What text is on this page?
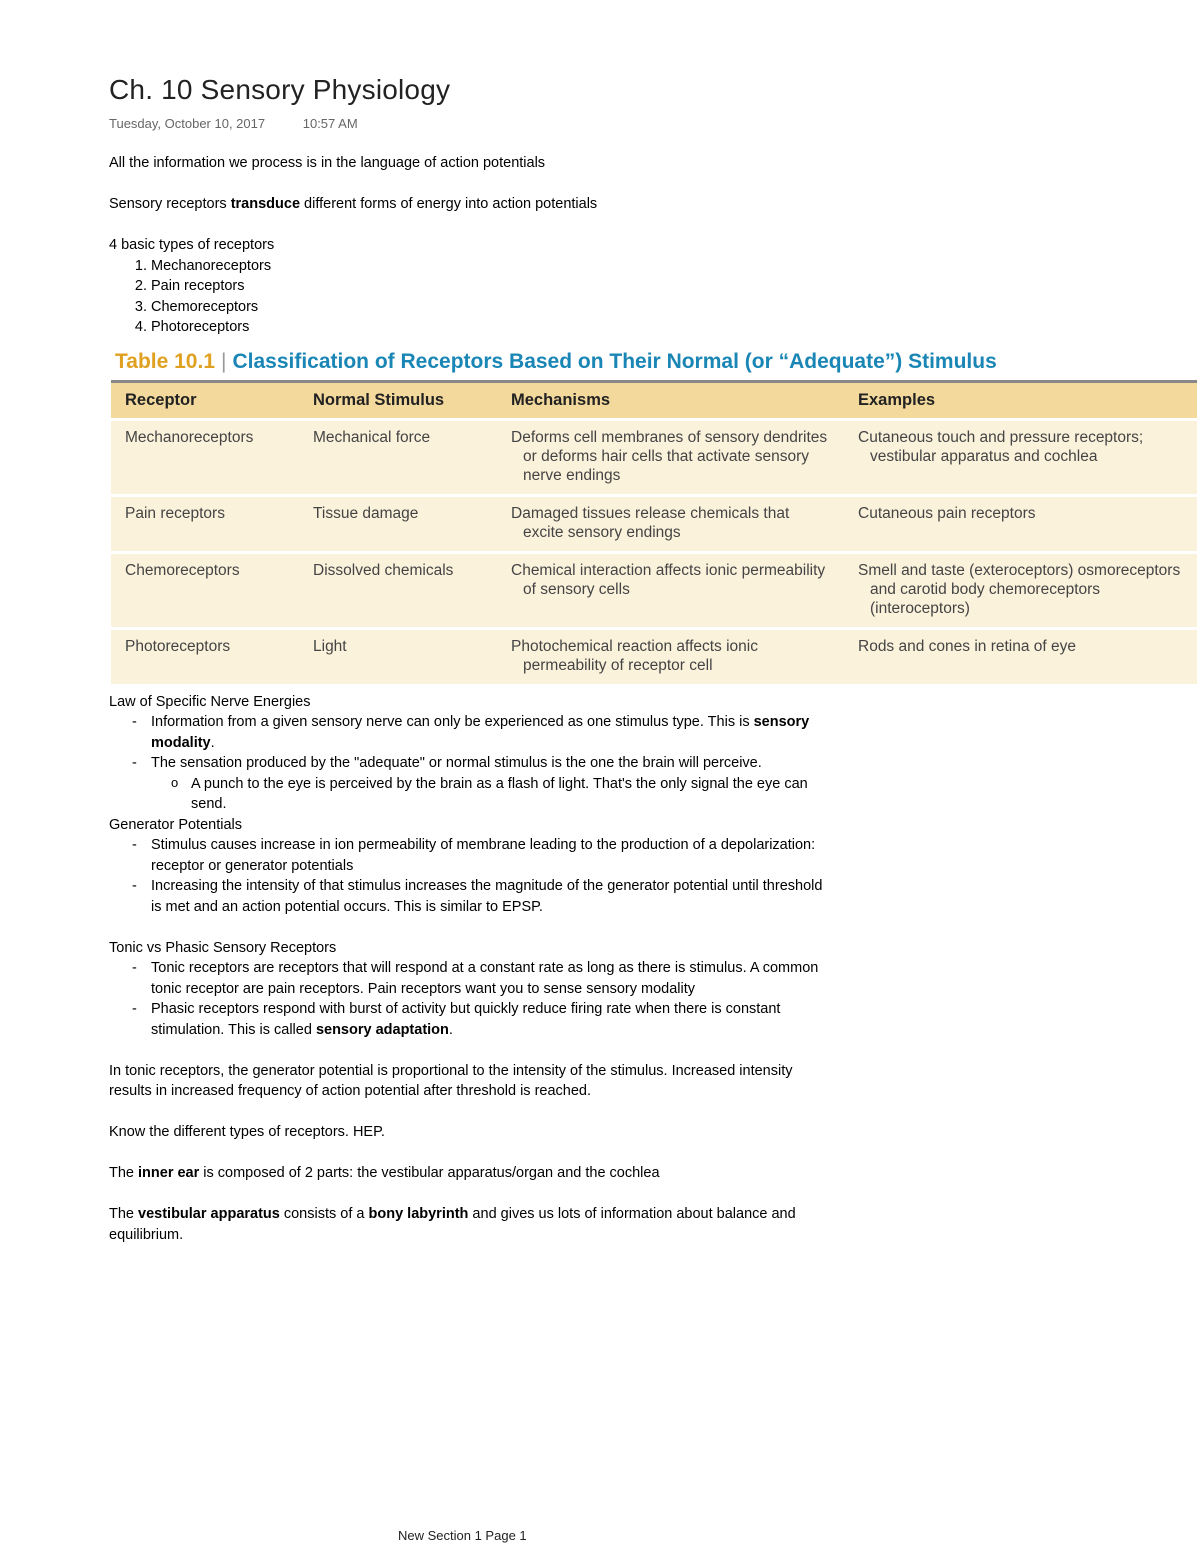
Ch. 10 Sensory Physiology
Tuesday, October 10, 2017	10:57 AM

All the information we process is in the language of action potentials

Sensory receptors transduce different forms of energy into action potentials

4 basic types of receptors

1. Mechanoreceptors
2. Pain receptors
3. Chemoreceptors
4. Photoreceptors
Table 10.1 | Classification of Receptors Based on Their Normal (or “Adequate”) Stimulus
Receptor	Normal Stimulus	Mechanisms	Examples
Mechanoreceptors	Mechanical force	Deforms cell membranes of sensory dendrites or deforms hair cells that activate sensory nerve endings	Cutaneous touch and pressure receptors; vestibular apparatus and cochlea

Pain receptors	Tissue damage	Damaged tissues release chemicals that excite sensory endings	Cutaneous pain receptors

Chemoreceptors	Dissolved chemicals	Chemical interaction affects ionic permeability of sensory cells	Smell and taste (exteroceptors) osmoreceptors and carotid body chemoreceptors (interoceptors)

Photoreceptors	Light	Photochemical reaction affects ionic permeability of receptor cell	Rods and cones in retina of eye

Law of Specific Nerve Energies

- Information from a given sensory nerve can only be experienced as one stimulus type. This is sensory modality.
- The sensation produced by the "adequate" or normal stimulus is the one the brain will perceive.
o A punch to the eye is perceived by the brain as a flash of light. That's the only signal the eye can send.

Generator Potentials

- Stimulus causes increase in ion permeability of membrane leading to the production of a depolarization: receptor or generator potentials
- Increasing the intensity of that stimulus increases the magnitude of the generator potential until threshold is met and an action potential occurs. This is similar to EPSP.

Tonic vs Phasic Sensory Receptors

- Tonic receptors are receptors that will respond at a constant rate as long as there is stimulus. A common tonic receptor are pain receptors. Pain receptors want you to sense sensory modality
- Phasic receptors respond with burst of activity but quickly reduce firing rate when there is constant stimulation. This is called sensory adaptation.

In tonic receptors, the generator potential is proportional to the intensity of the stimulus. Increased intensity results in increased frequency of action potential after threshold is reached.

Know the different types of receptors. HEP.

The inner ear is composed of 2 parts: the vestibular apparatus/organ and the cochlea

The vestibular apparatus consists of a bony labyrinth and gives us lots of information about balance and equilibrium.

New Section 1 Page 1
